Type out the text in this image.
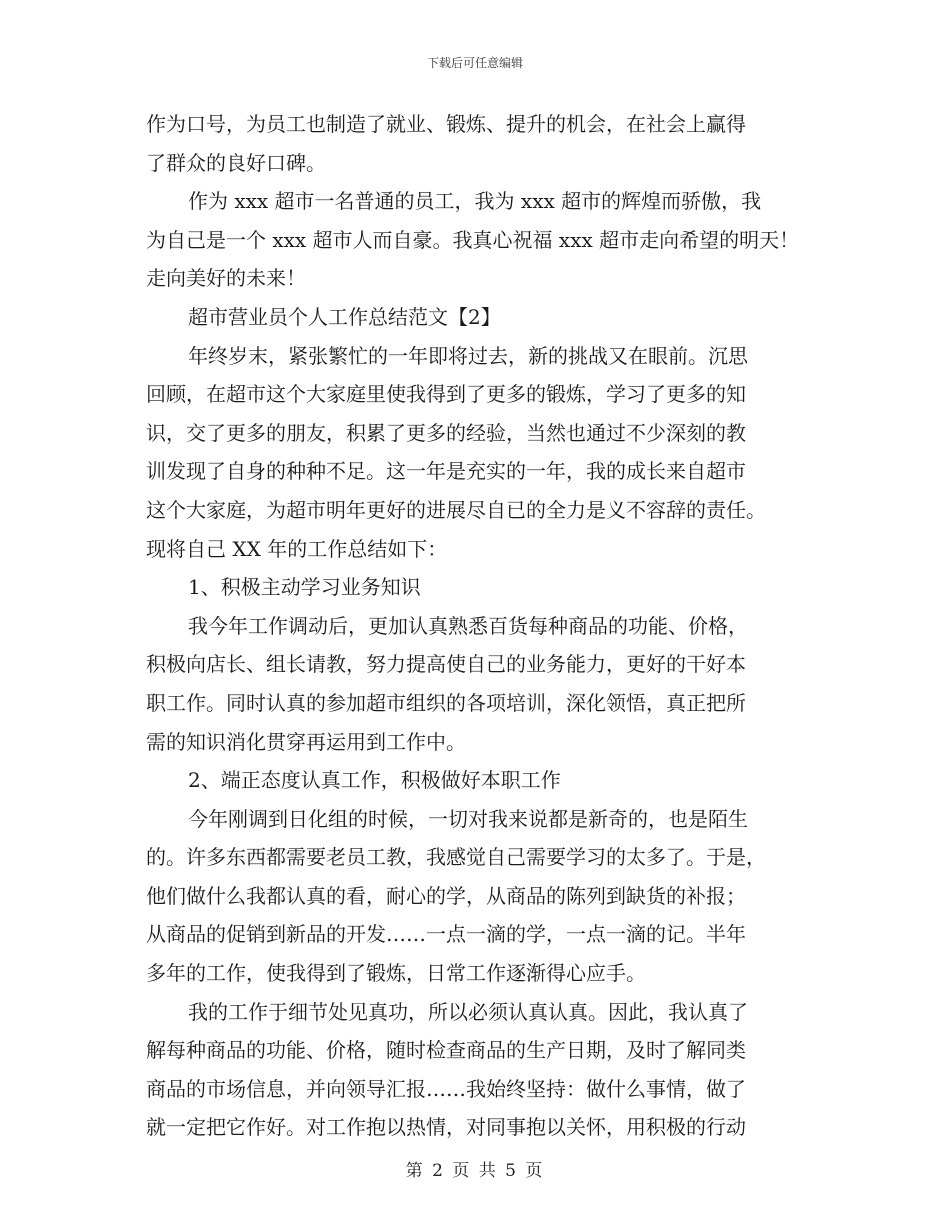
下载后可任意编辑
作为口号，为员工也制造了就业、锻炼、提升的机会，在社会上赢得
了群众的良好口碑。
作为 xxx 超市一名普通的员工，我为 xxx 超市的辉煌而骄傲，我
为自己是一个 xxx 超市人而自豪。我真心祝福 xxx 超市走向希望的明天！
走向美好的未来！
超市营业员个人工作总结范文【2】
年终岁末，紧张繁忙的一年即将过去，新的挑战又在眼前。沉思
回顾，在超市这个大家庭里使我得到了更多的锻炼，学习了更多的知
识，交了更多的朋友，积累了更多的经验，当然也通过不少深刻的教
训发现了自身的种种不足。这一年是充实的一年，我的成长来自超市
这个大家庭，为超市明年更好的进展尽自已的全力是义不容辞的责任。
现将自己 XX 年的工作总结如下：
1、积极主动学习业务知识
我今年工作调动后，更加认真熟悉百货每种商品的功能、价格，
积极向店长、组长请教，努力提高使自己的业务能力，更好的干好本
职工作。同时认真的参加超市组织的各项培训，深化领悟，真正把所
需的知识消化贯穿再运用到工作中。
2、端正态度认真工作，积极做好本职工作
今年刚调到日化组的时候，一切对我来说都是新奇的，也是陌生
的。许多东西都需要老员工教，我感觉自己需要学习的太多了。于是，
他们做什么我都认真的看，耐心的学，从商品的陈列到缺货的补报；
从商品的促销到新品的开发……一点一滴的学，一点一滴的记。半年
多年的工作，使我得到了锻炼，日常工作逐渐得心应手。
我的工作于细节处见真功，所以必须认真认真。因此，我认真了
解每种商品的功能、价格，随时检查商品的生产日期，及时了解同类
商品的市场信息，并向领导汇报……我始终坚持：做什么事情，做了
就一定把它作好。对工作抱以热情，对同事抱以关怀，用积极的行动
第 2 页 共 5 页
